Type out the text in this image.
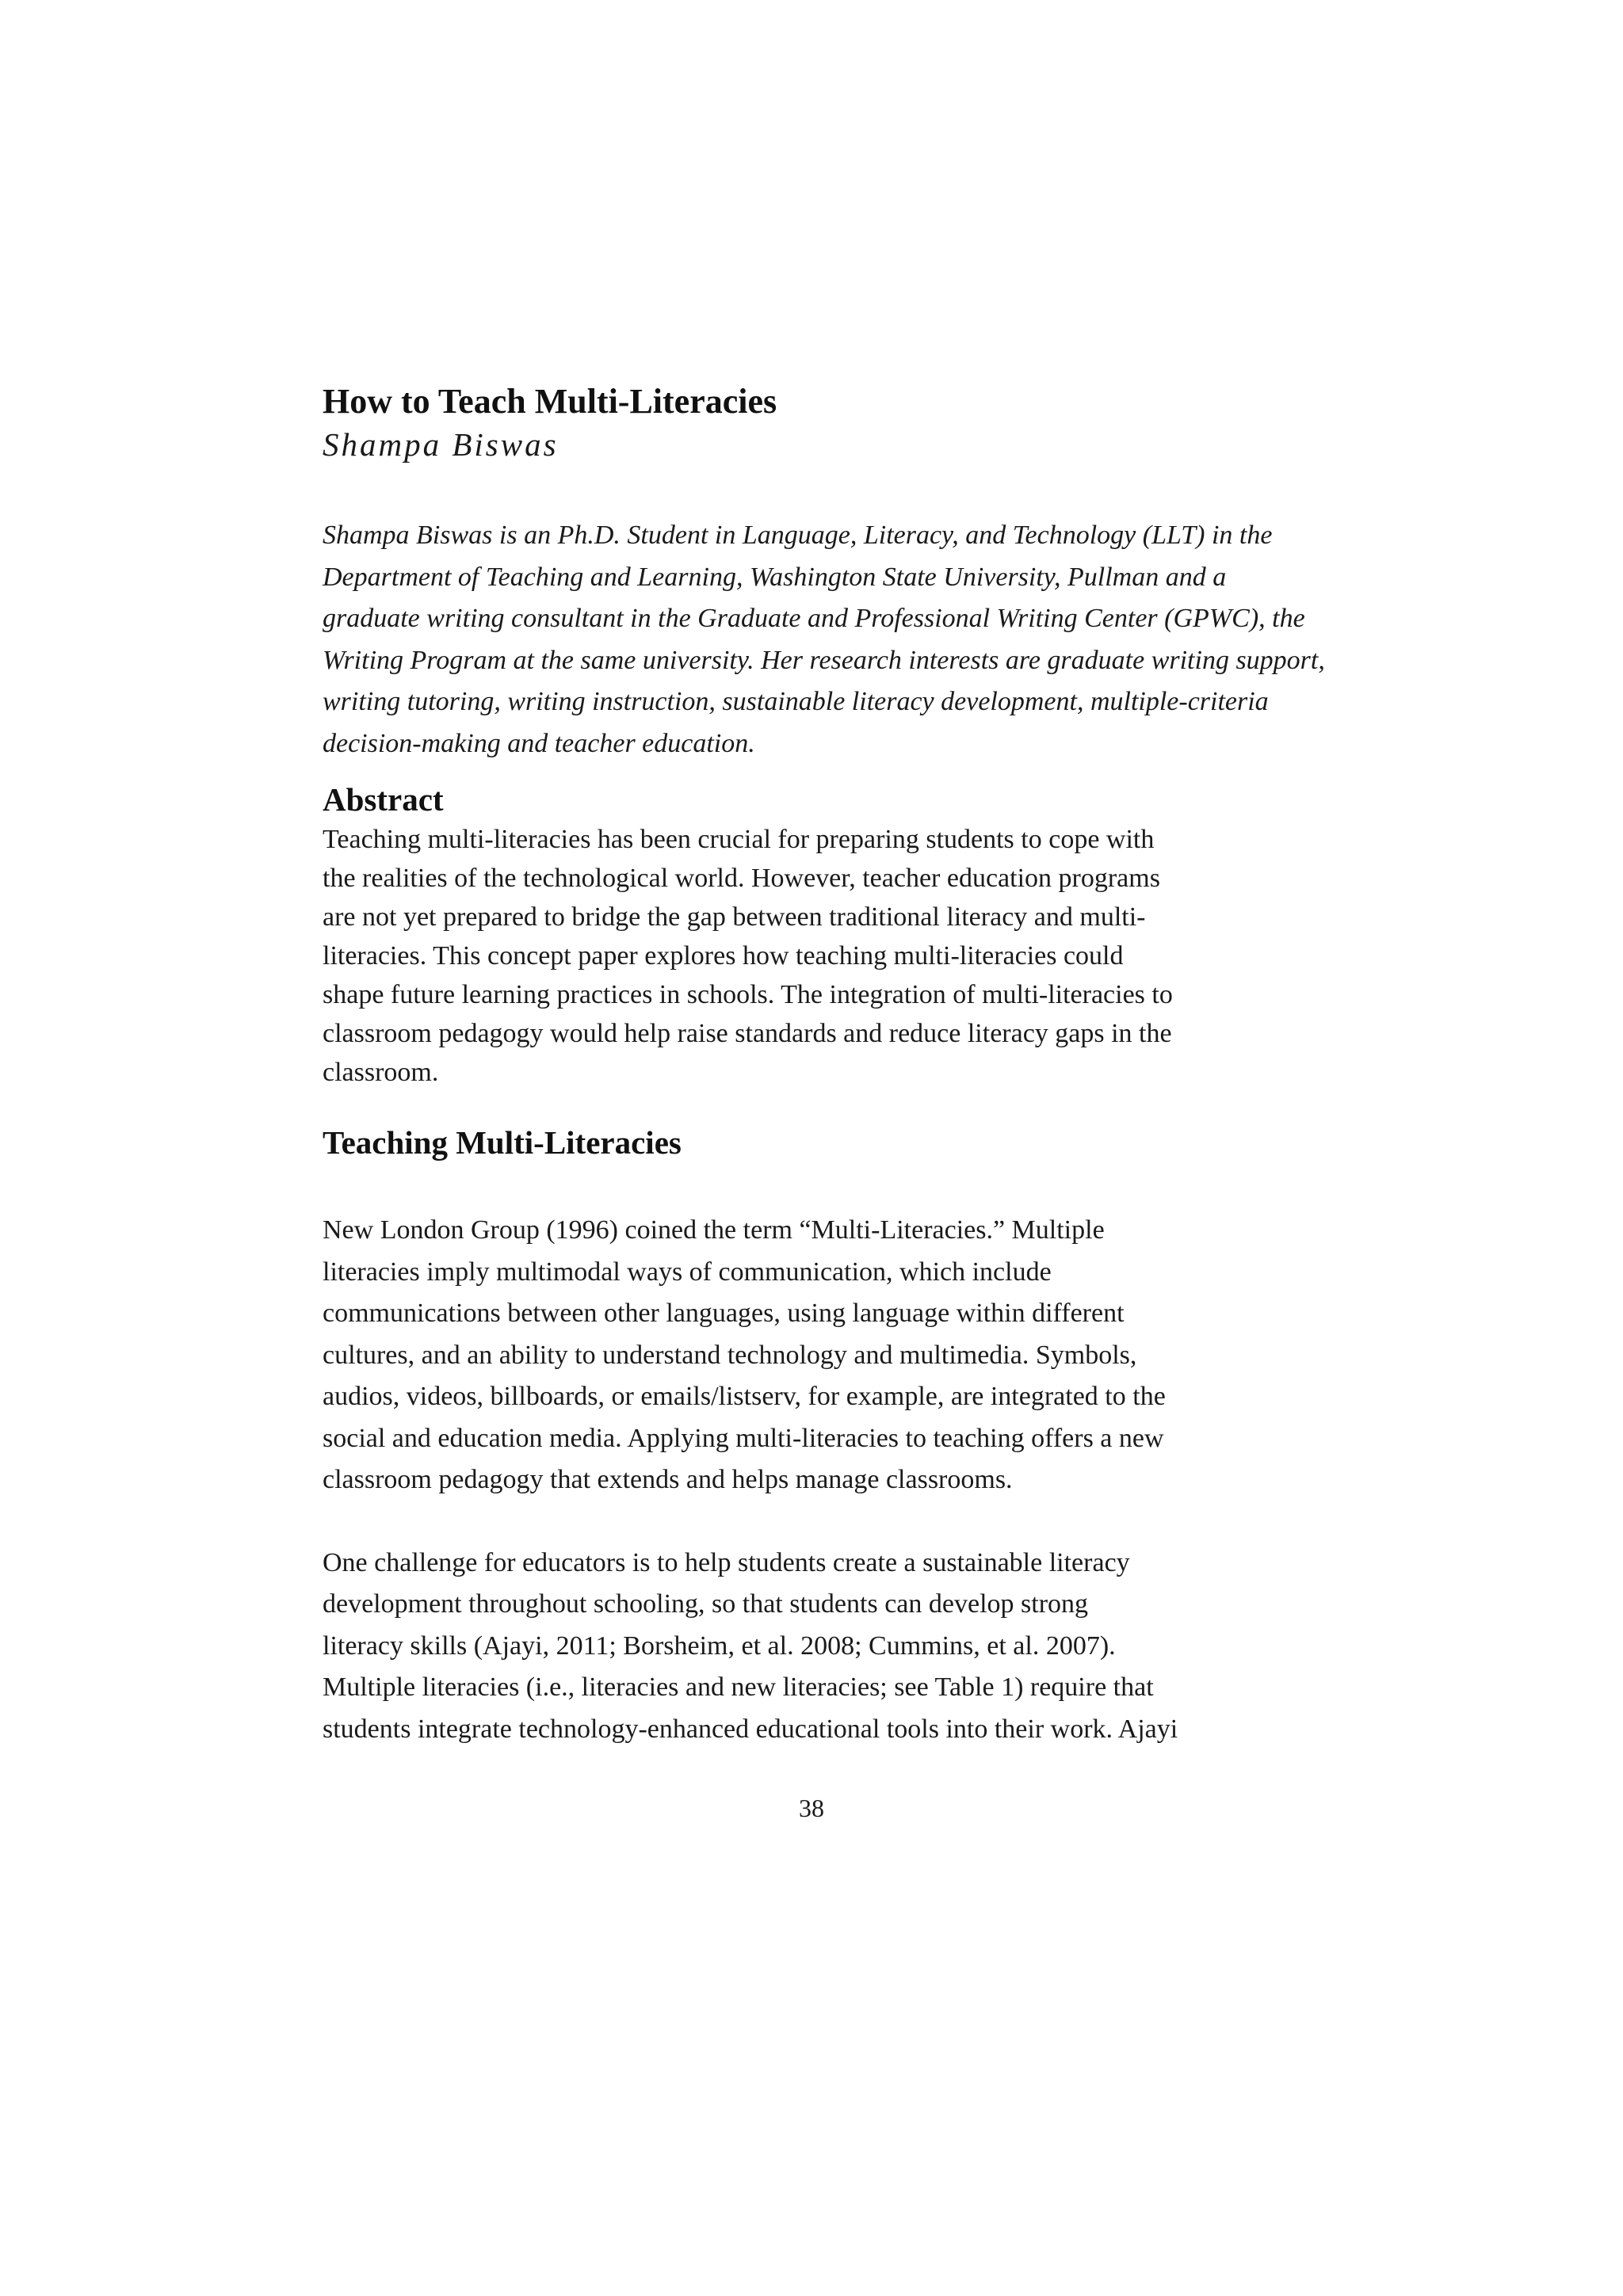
How to Teach Multi-Literacies
Shampa Biswas

Shampa Biswas is an Ph.D. Student in Language, Literacy, and Technology (LLT) in the
Department of Teaching and Learning, Washington State University, Pullman and a
graduate writing consultant in the Graduate and Professional Writing Center (GPWC), the
Writing Program at the same university. Her research interests are graduate writing support,
writing tutoring, writing instruction, sustainable literacy development, multiple-criteria
decision-making and teacher education.

Abstract

Teaching multi-literacies has been crucial for preparing students to cope with
the realities of the technological world. However, teacher education programs
are not yet prepared to bridge the gap between traditional literacy and multi-
literacies. This concept paper explores how teaching multi-literacies could
shape future learning practices in schools. The integration of multi-literacies to
classroom pedagogy would help raise standards and reduce literacy gaps in the
classroom.

Teaching Multi-Literacies

New London Group (1996) coined the term “Multi-Literacies.” Multiple
literacies imply multimodal ways of communication, which include
communications between other languages, using language within different
cultures, and an ability to understand technology and multimedia. Symbols,
audios, videos, billboards, or emails/listserv, for example, are integrated to the
social and education media. Applying multi-literacies to teaching offers a new
classroom pedagogy that extends and helps manage classrooms.

One challenge for educators is to help students create a sustainable literacy
development throughout schooling, so that students can develop strong
literacy skills (Ajayi, 2011; Borsheim, et al. 2008; Cummins, et al. 2007).
Multiple literacies (i.e., literacies and new literacies; see Table 1) require that
students integrate technology-enhanced educational tools into their work. Ajayi

38
